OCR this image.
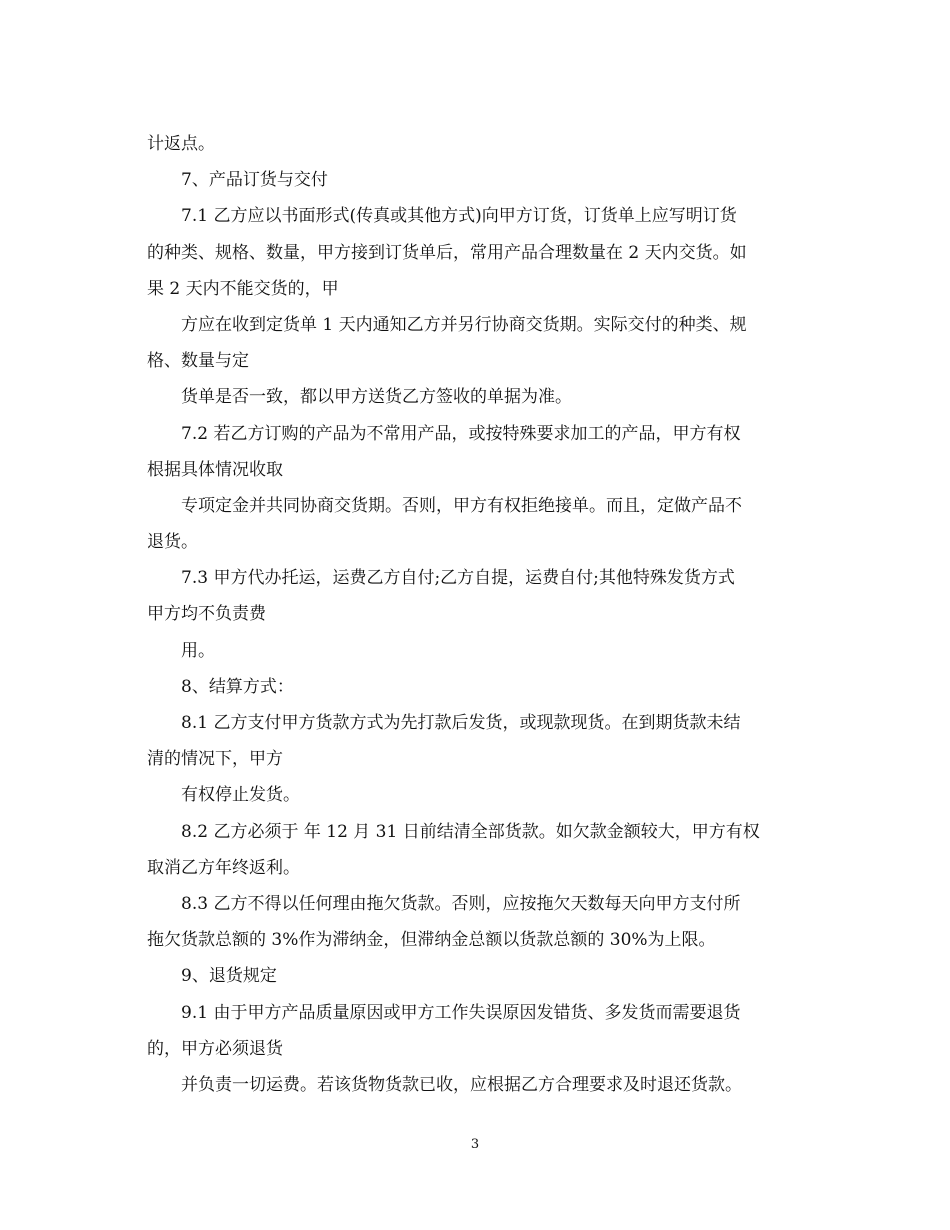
计返点。
7、产品订货与交付
7.1 乙方应以书面形式(传真或其他方式)向甲方订货，订货单上应写明订货
的种类、规格、数量，甲方接到订货单后，常用产品合理数量在 2 天内交货。如
果 2 天内不能交货的，甲
方应在收到定货单 1 天内通知乙方并另行协商交货期。实际交付的种类、规
格、数量与定
货单是否一致，都以甲方送货乙方签收的单据为准。
7.2 若乙方订购的产品为不常用产品，或按特殊要求加工的产品，甲方有权
根据具体情况收取
专项定金并共同协商交货期。否则，甲方有权拒绝接单。而且，定做产品不
退货。
7.3 甲方代办托运，运费乙方自付;乙方自提，运费自付;其他特殊发货方式
甲方均不负责费
用。
8、结算方式：
8.1 乙方支付甲方货款方式为先打款后发货，或现款现货。在到期货款未结
清的情况下，甲方
有权停止发货。
8.2 乙方必须于 年 12 月 31 日前结清全部货款。如欠款金额较大，甲方有权
取消乙方年终返利。
8.3 乙方不得以任何理由拖欠货款。否则，应按拖欠天数每天向甲方支付所
拖欠货款总额的 3%作为滞纳金，但滞纳金总额以货款总额的 30%为上限。
9、退货规定
9.1 由于甲方产品质量原因或甲方工作失误原因发错货、多发货而需要退货
的，甲方必须退货
并负责一切运费。若该货物货款已收，应根据乙方合理要求及时退还货款。
3
